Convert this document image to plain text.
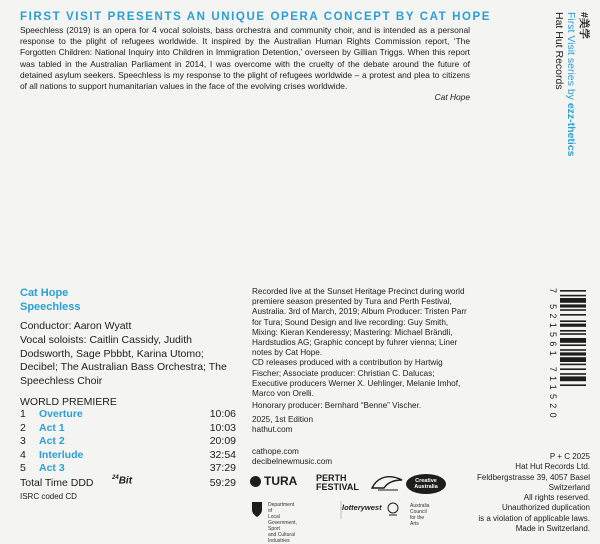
FIRST VISIT PRESENTS AN UNIQUE OPERA CONCEPT BY CAT HOPE

Speechless (2019) is an opera for 4 vocal soloists, bass orchestra and community choir, and is intended as a personal response to the plight of refugees worldwide. It inspired by the Australian Human Rights Commission report, ‘The Forgotten Children: National Inquiry into Children in Immigration Detention,’ overseen by Gillian Triggs. When this report was tabled in the Australian Parliament in 2014, I was overcome with the cruelty of the debate around the future of detained asylum seekers. Speechless is my response to the plight of refugees worldwide – a protest and plea to citizens of all nations to support humanitarian values in the face of the evolving crises worldwide.

Cat Hope

#美学
First Visit series by ezz-thetics
Hat Hut Records
Cat Hope
Speechless
Conductor: Aaron Wyatt
Vocal soloists: Caitlin Cassidy, Judith Dodsworth, Sage Pbbbt, Karina Utomo; Decibel; The Australian Bass Orchestra; The Speechless Choir
WORLD PREMIERE
1	Overture	10:06
2	Act 1	10:03
3	Act 2	20:09
4	Interlude	32:54
5	Act 3	37:29
Total Time DDD	59:29
$^{24}$Bit
ISRC coded CD

Recorded live at the Sunset Heritage Precinct during world premiere season presented by Tura and Perth Festival, Australia. 3rd of March, 2019; Album Producer: Tristen Parr for Tura; Sound Design and live recording: Guy Smith, Mixing: Kieran Kenderessy; Mastering: Michael Brändli, Hardstudios AG; Graphic concept by fuhrer vienna; Liner notes by Cat Hope.

CD releases produced with a contribution by Hartwig Fischer; Associate producer: Christian C. Dalucas; Executive producers Werner X. Uehlinger, Melanie Imhof, Marco von Orelli.

Honorary producer: Bernhard “Benne” Vischer.
2025, 1st Edition
hathut.com
cathope.com
decibelnewmusic.com
7 521561 711520
P + C 2025
Hat Hut Records Ltd.
Feldbergstrasse 39, 4057 Basel
Switzerland
All rights reserved.
Unauthorized duplication
is a violation of applicable laws.
Made in Switzerland.
TURA PERTH
FESTIVAL
Creative
Australia
Department of
Local Government, Sport
and Cultural Industries
lotterywest	Australia
Council
for the Arts
